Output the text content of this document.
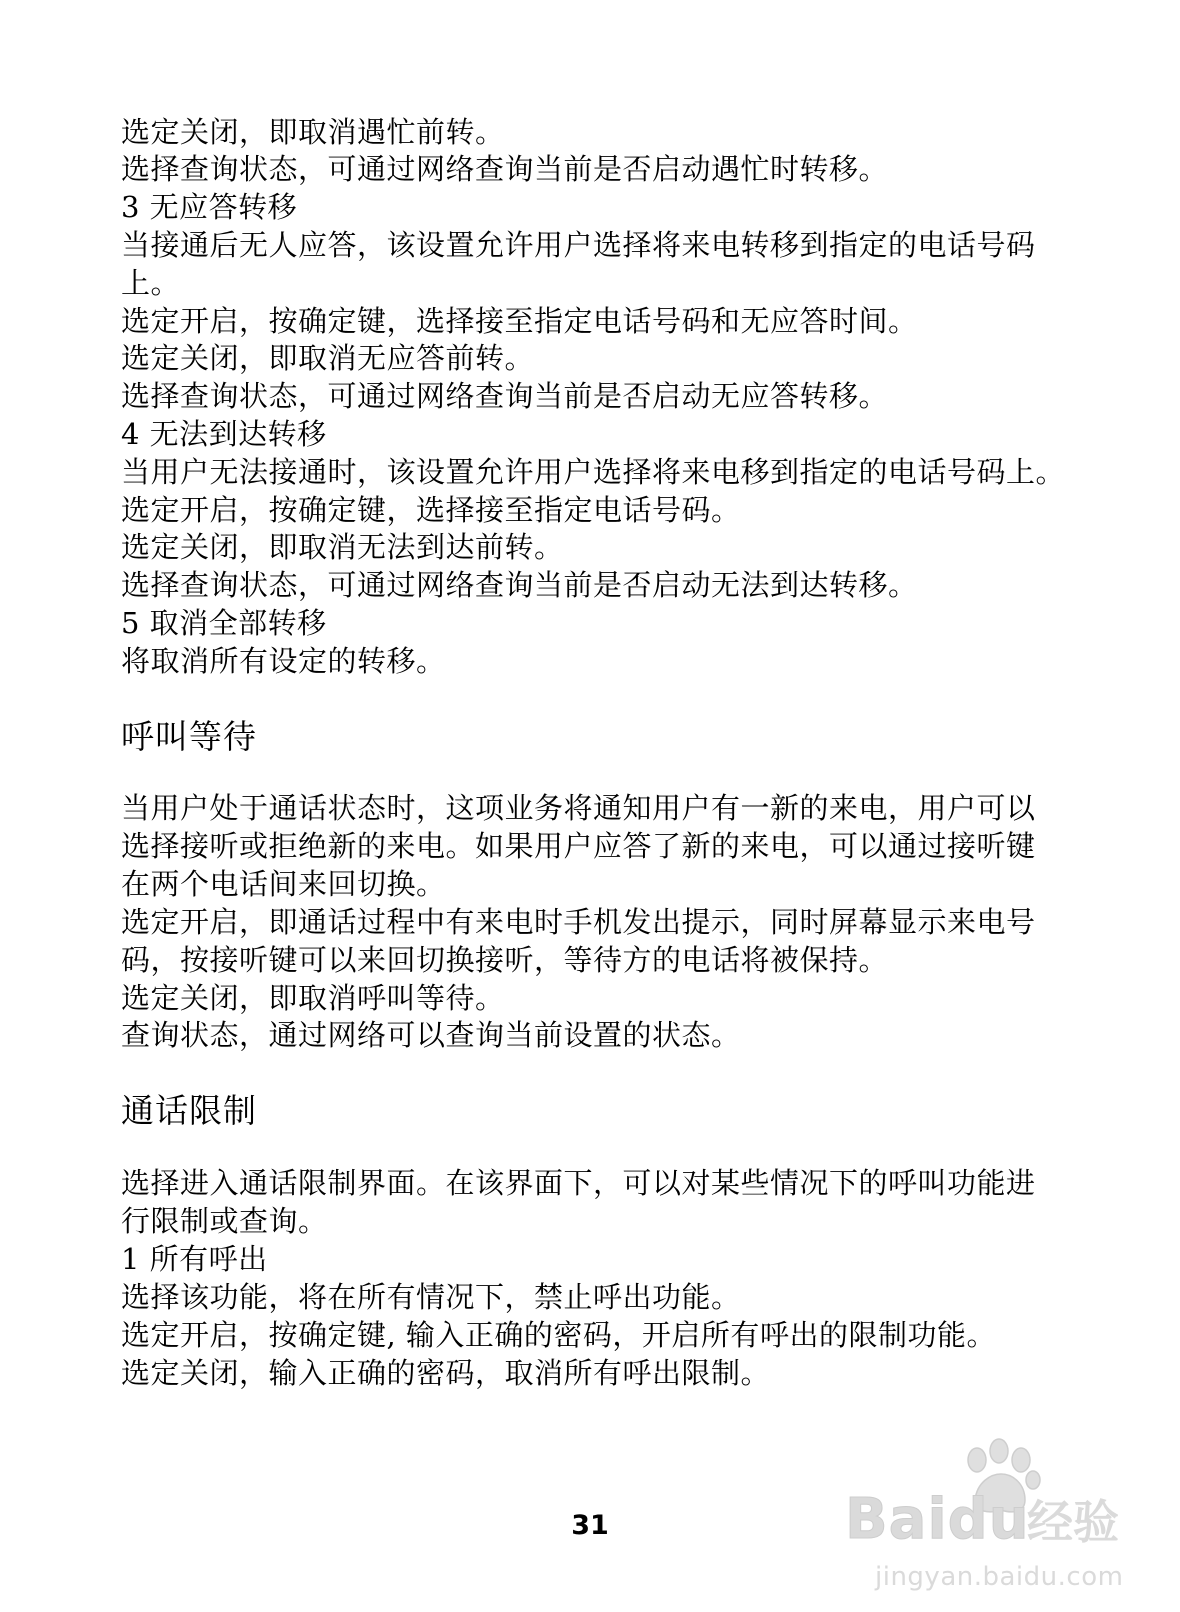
选定关闭，即取消遇忙前转。
选择查询状态，可通过网络查询当前是否启动遇忙时转移。
3 无应答转移
当接通后无人应答，该设置允许用户选择将来电转移到指定的电话号码
上。
选定开启，按确定键，选择接至指定电话号码和无应答时间。
选定关闭，即取消无应答前转。
选择查询状态，可通过网络查询当前是否启动无应答转移。
4 无法到达转移
当用户无法接通时，该设置允许用户选择将来电移到指定的电话号码上。
选定开启，按确定键，选择接至指定电话号码。
选定关闭，即取消无法到达前转。
选择查询状态，可通过网络查询当前是否启动无法到达转移。
5 取消全部转移
将取消所有设定的转移。
呼叫等待
当用户处于通话状态时，这项业务将通知用户有一新的来电，用户可以
选择接听或拒绝新的来电。如果用户应答了新的来电，可以通过接听键
在两个电话间来回切换。
选定开启，即通话过程中有来电时手机发出提示，同时屏幕显示来电号
码，按接听键可以来回切换接听，等待方的电话将被保持。
选定关闭，即取消呼叫等待。
查询状态，通过网络可以查询当前设置的状态。
通话限制
选择进入通话限制界面。在该界面下，可以对某些情况下的呼叫功能进
行限制或查询。
1 所有呼出
选择该功能，将在所有情况下，禁止呼出功能。
选定开启，按确定键, 输入正确的密码，开启所有呼出的限制功能。
选定关闭，输入正确的密码，取消所有呼出限制。
31	Baidu
经验
jingyan.baidu.com
